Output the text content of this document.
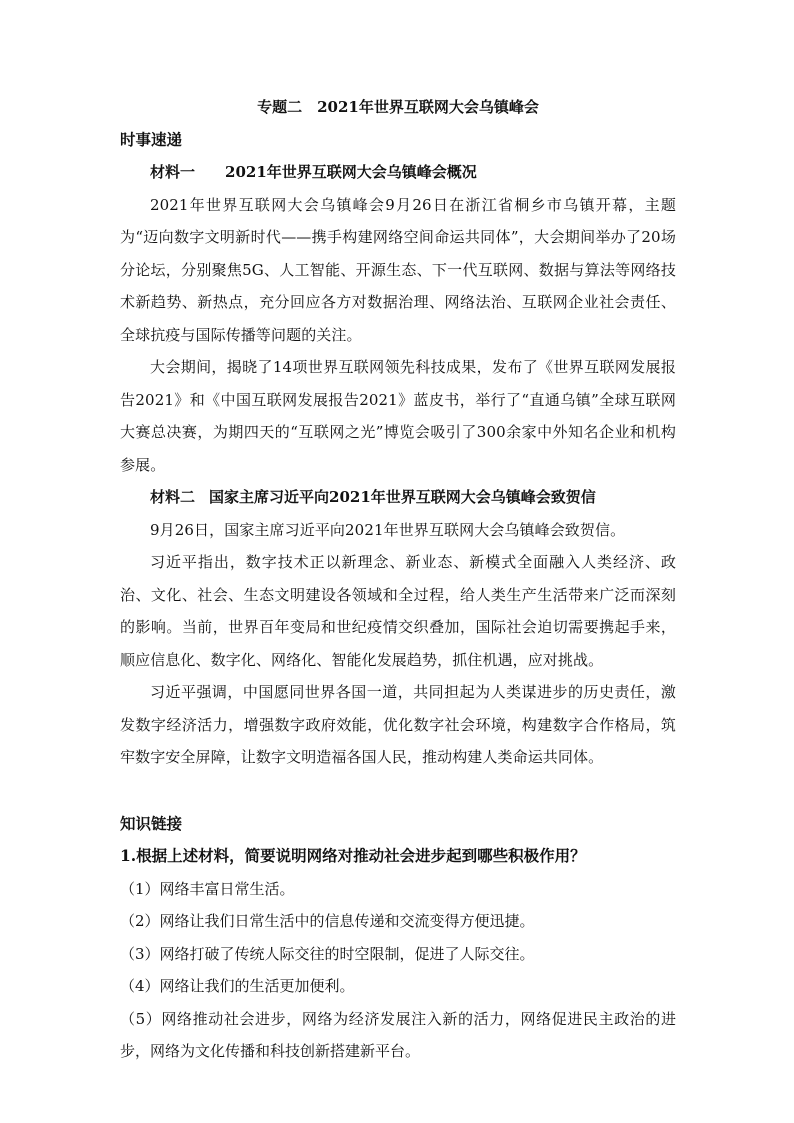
专题二　2021年世界互联网大会乌镇峰会

时事速递

材料一 2021年世界互联网大会乌镇峰会概况

2021年世界互联网大会乌镇峰会9月26日在浙江省桐乡市乌镇开幕，主题为“迈向数字文明新时代——携手构建网络空间命运共同体”，大会期间举办了20场分论坛，分别聚焦5G、人工智能、开源生态、下一代互联网、数据与算法等网络技术新趋势、新热点，充分回应各方对数据治理、网络法治、互联网企业社会责任、全球抗疫与国际传播等问题的关注。

大会期间，揭晓了14项世界互联网领先科技成果，发布了《世界互联网发展报告2021》和《中国互联网发展报告2021》蓝皮书，举行了“直通乌镇”全球互联网大赛总决赛，为期四天的“互联网之光”博览会吸引了300余家中外知名企业和机构参展。

材料二 国家主席习近平向2021年世界互联网大会乌镇峰会致贺信

9月26日，国家主席习近平向2021年世界互联网大会乌镇峰会致贺信。

习近平指出，数字技术正以新理念、新业态、新模式全面融入人类经济、政治、文化、社会、生态文明建设各领域和全过程，给人类生产生活带来广泛而深刻的影响。当前，世界百年变局和世纪疫情交织叠加，国际社会迫切需要携起手来，顺应信息化、数字化、网络化、智能化发展趋势，抓住机遇，应对挑战。

习近平强调，中国愿同世界各国一道，共同担起为人类谋进步的历史责任，激发数字经济活力，增强数字政府效能，优化数字社会环境，构建数字合作格局，筑牢数字安全屏障，让数字文明造福各国人民，推动构建人类命运共同体。

知识链接

1.根据上述材料，简要说明网络对推动社会进步起到哪些积极作用？

（1）网络丰富日常生活。

（2）网络让我们日常生活中的信息传递和交流变得方便迅捷。

（3）网络打破了传统人际交往的时空限制，促进了人际交往。

（4）网络让我们的生活更加便利。

（5）网络推动社会进步，网络为经济发展注入新的活力，网络促进民主政治的进步，网络为文化传播和科技创新搭建新平台。
